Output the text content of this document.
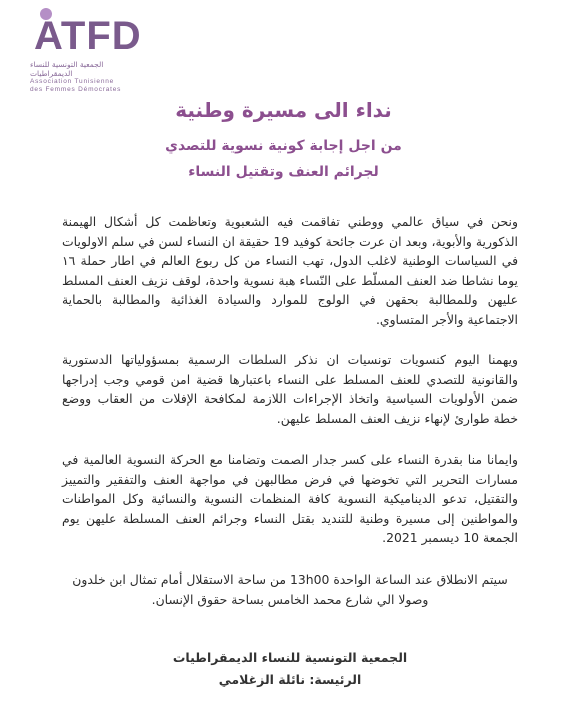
ATFD
الجمعية التونسية للنساء الديمقراطيات
Association Tunisienne
des Femmes Démocrates
نداء الى مسيرة وطنية
من اجل إجابة كونية نسوية للتصدي
لجرائم العنف وتقتيل النساء
ونحن في سياق عالمي ووطني تفاقمت فيه الشعبوية وتعاظمت كل أشكال الهيمنة الذكورية والأبوية، وبعد ان عرت جائحة كوفيد 19 حقيقة ان النساء لسن في سلم الاولويات في السياسات الوطنية لاغلب الدول، تهب النساء من كل ربوع العالم في اطار حملة ١٦ يوما نشاطا ضد العنف المسلّط على النّساء هبة نسوية واحدة، لوقف نزيف العنف المسلط عليهن وللمطالبة بحقهن في الولوج للموارد والسيادة الغذائية والمطالبة بالحماية الاجتماعية والأجر المتساوي.
ويهمنا اليوم كنسويات تونسيات ان نذكر السلطات الرسمية بمسؤولياتها الدستورية والقانونية للتصدي للعنف المسلط على النساء باعتبارها قضية امن قومي وجب إدراجها ضمن الأولويات السياسية واتخاذ الإجراءات اللازمة لمكافحة الإفلات من العقاب ووضع خطة طوارئ لإنهاء نزيف العنف المسلط عليهن.
وايمانا منا بقدرة النساء على كسر جدار الصمت وتضامنا مع الحركة النسوية العالمية في مسارات التحرير التي تخوضها في فرض مطالبهن في مواجهة العنف والتفقير والتمييز والتقتيل، تدعو الديناميكية النسوية كافة المنظمات النسوية والنسائية وكل المواطنات والمواطنين إلى مسيرة وطنية للتنديد بقتل النساء وجرائم العنف المسلطة عليهن يوم الجمعة 10 ديسمبر 2021.
سيتم الانطلاق عند الساعة الواحدة 13h00 من ساحة الاستقلال أمام تمثال ابن خلدون وصولا الي شارع محمد الخامس بساحة حقوق الإنسان.
الجمعية التونسية للنساء الديمقراطيات
الرئيسة: نائلة الزغلامي
